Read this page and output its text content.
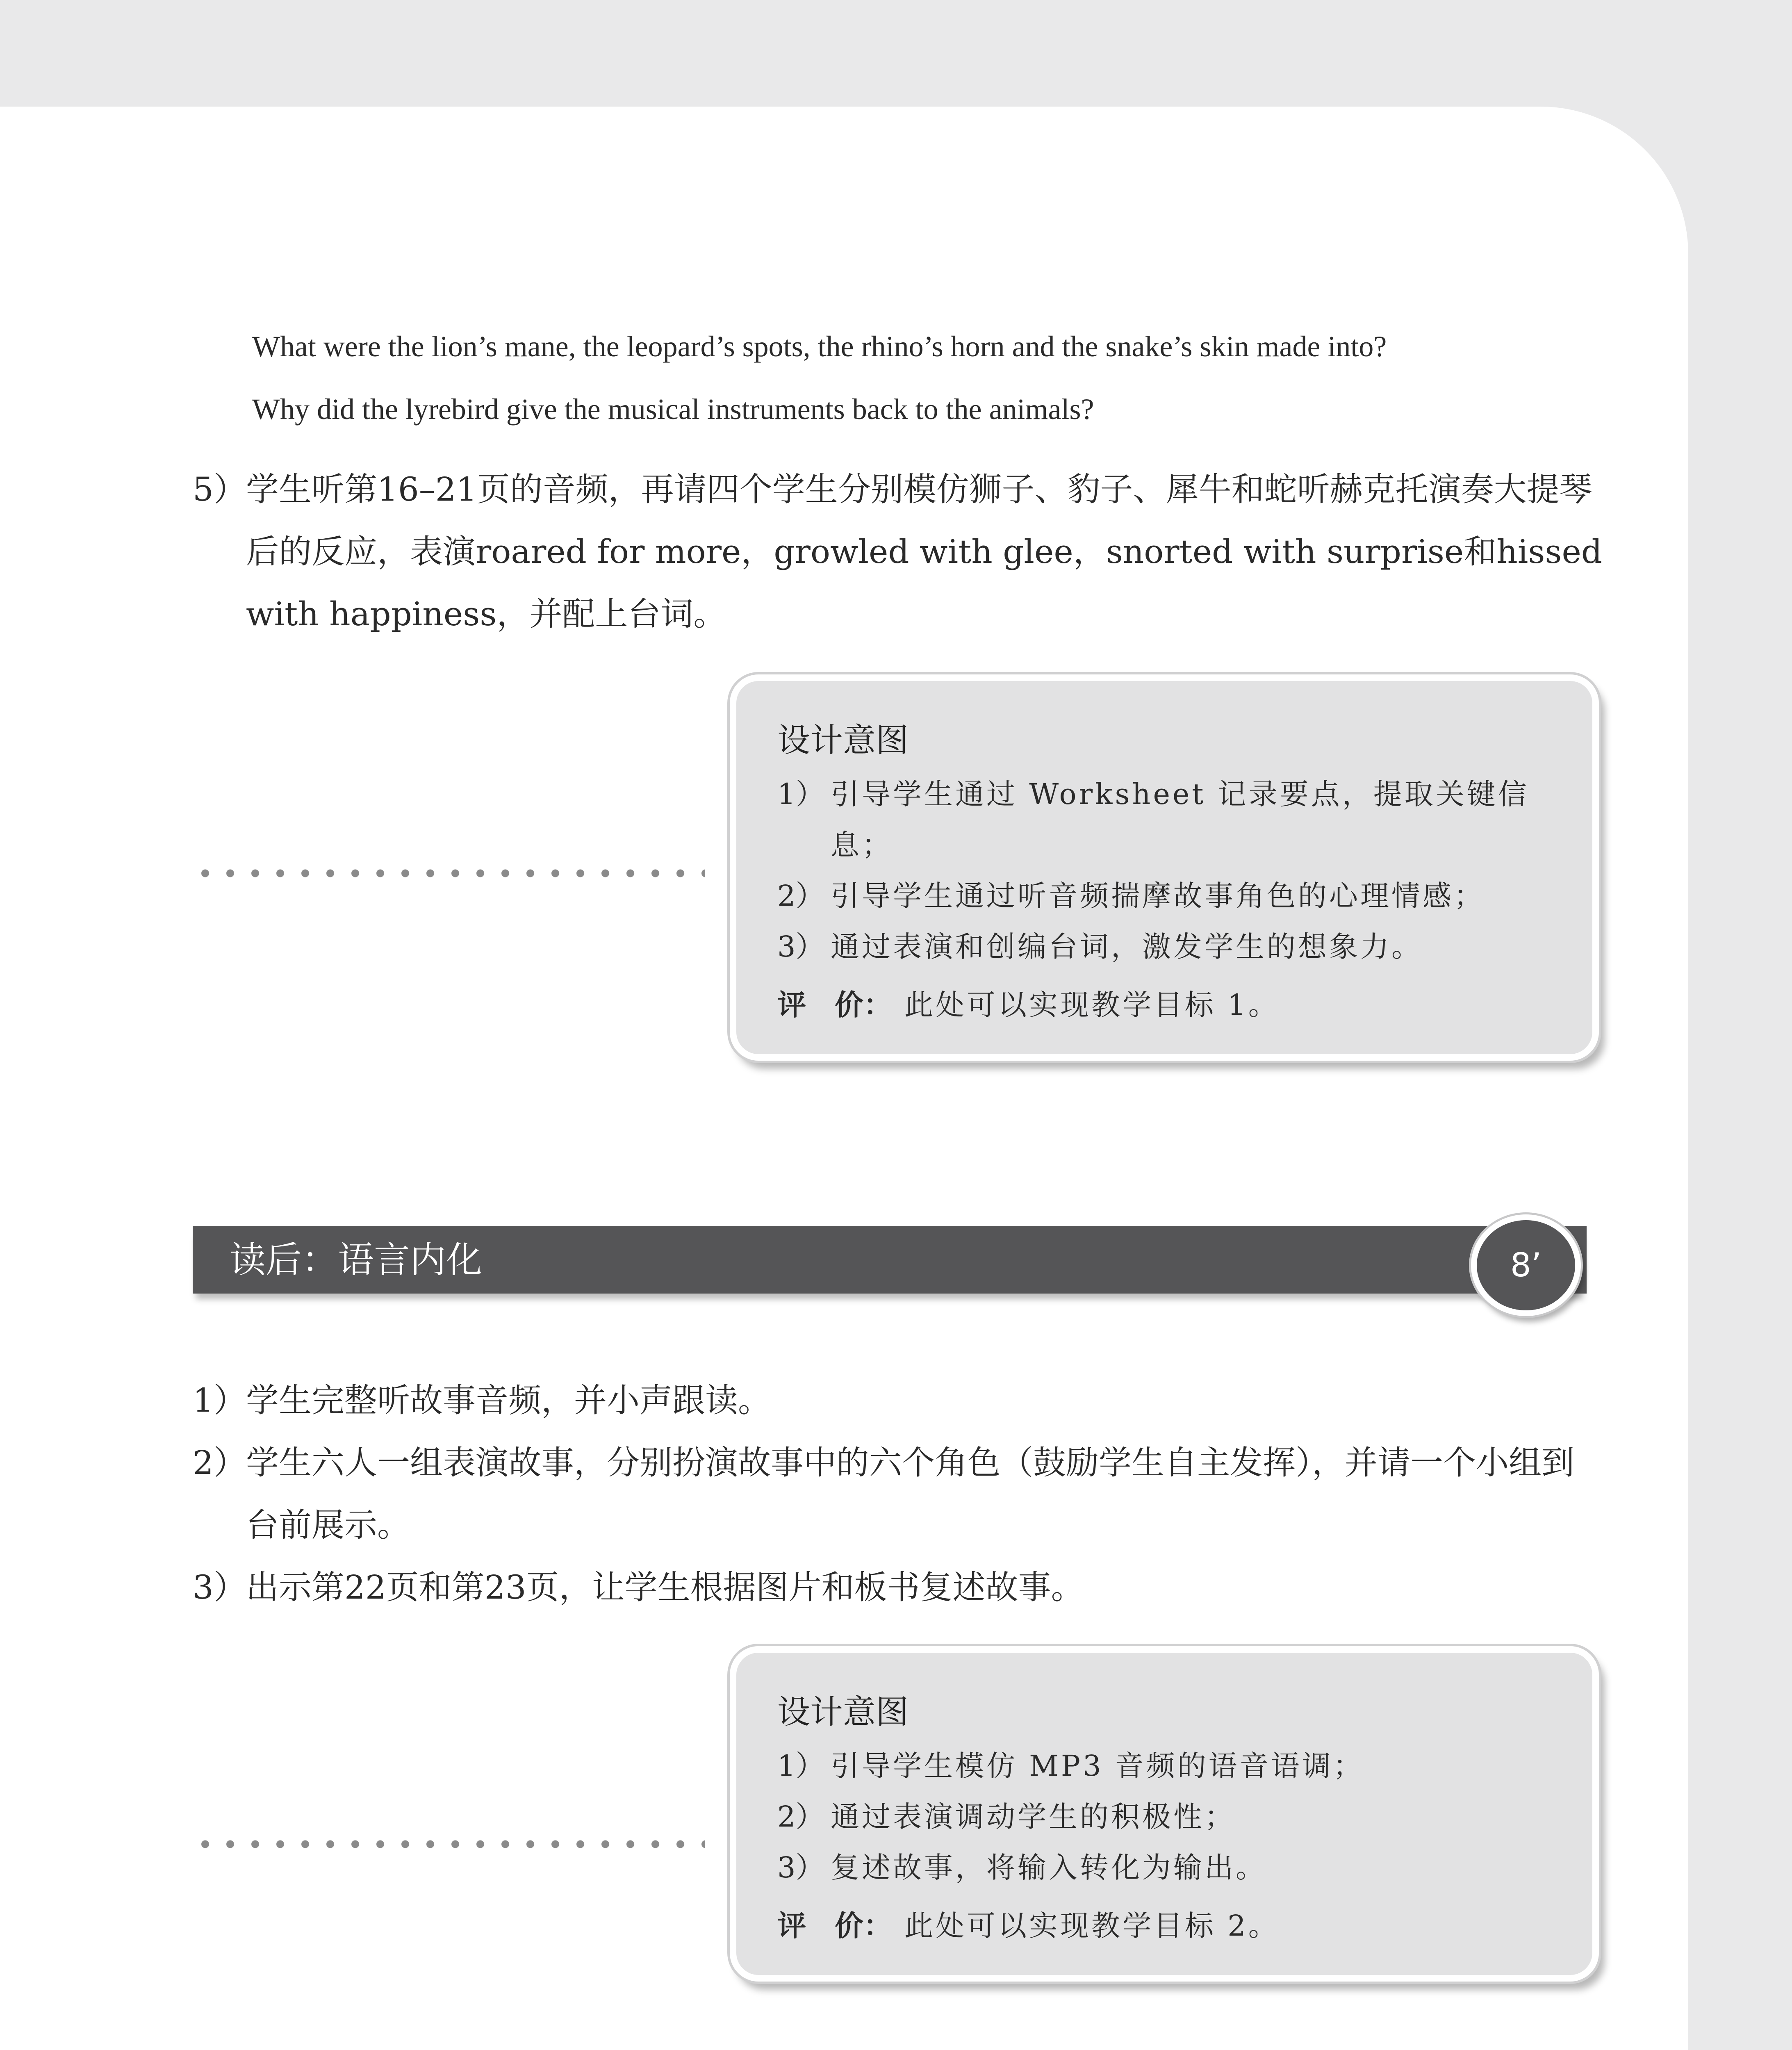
What were the lion’s mane, the leopard’s spots, the rhino’s horn and the snake’s skin made into?
Why did the lyrebird give the musical instruments back to the animals?
5） 学生听第16–21页的音频，再请四个学生分别模仿狮子、豹子、犀牛和蛇听赫克托演奏大提琴后的反应，表演roared for more，growled with glee，snorted with surprise和hissed with happiness，并配上台词。
设计意图
1） 引导学生通过 Worksheet 记录要点，提取关键信息；
2） 引导学生通过听音频揣摩故事角色的心理情感；
3） 通过表演和创编台词，激发学生的想象力。
评　价： 此处可以实现教学目标 1。
读后：语言内化	8’
1） 学生完整听故事音频，并小声跟读。
2） 学生六人一组表演故事，分别扮演故事中的六个角色（鼓励学生自主发挥），并请一个小组到台前展示。
3） 出示第22页和第23页，让学生根据图片和板书复述故事。
设计意图
1） 引导学生模仿 MP3 音频的语音语调；
2） 通过表演调动学生的积极性；
3） 复述故事，将输入转化为输出。
评　价： 此处可以实现教学目标 2。
